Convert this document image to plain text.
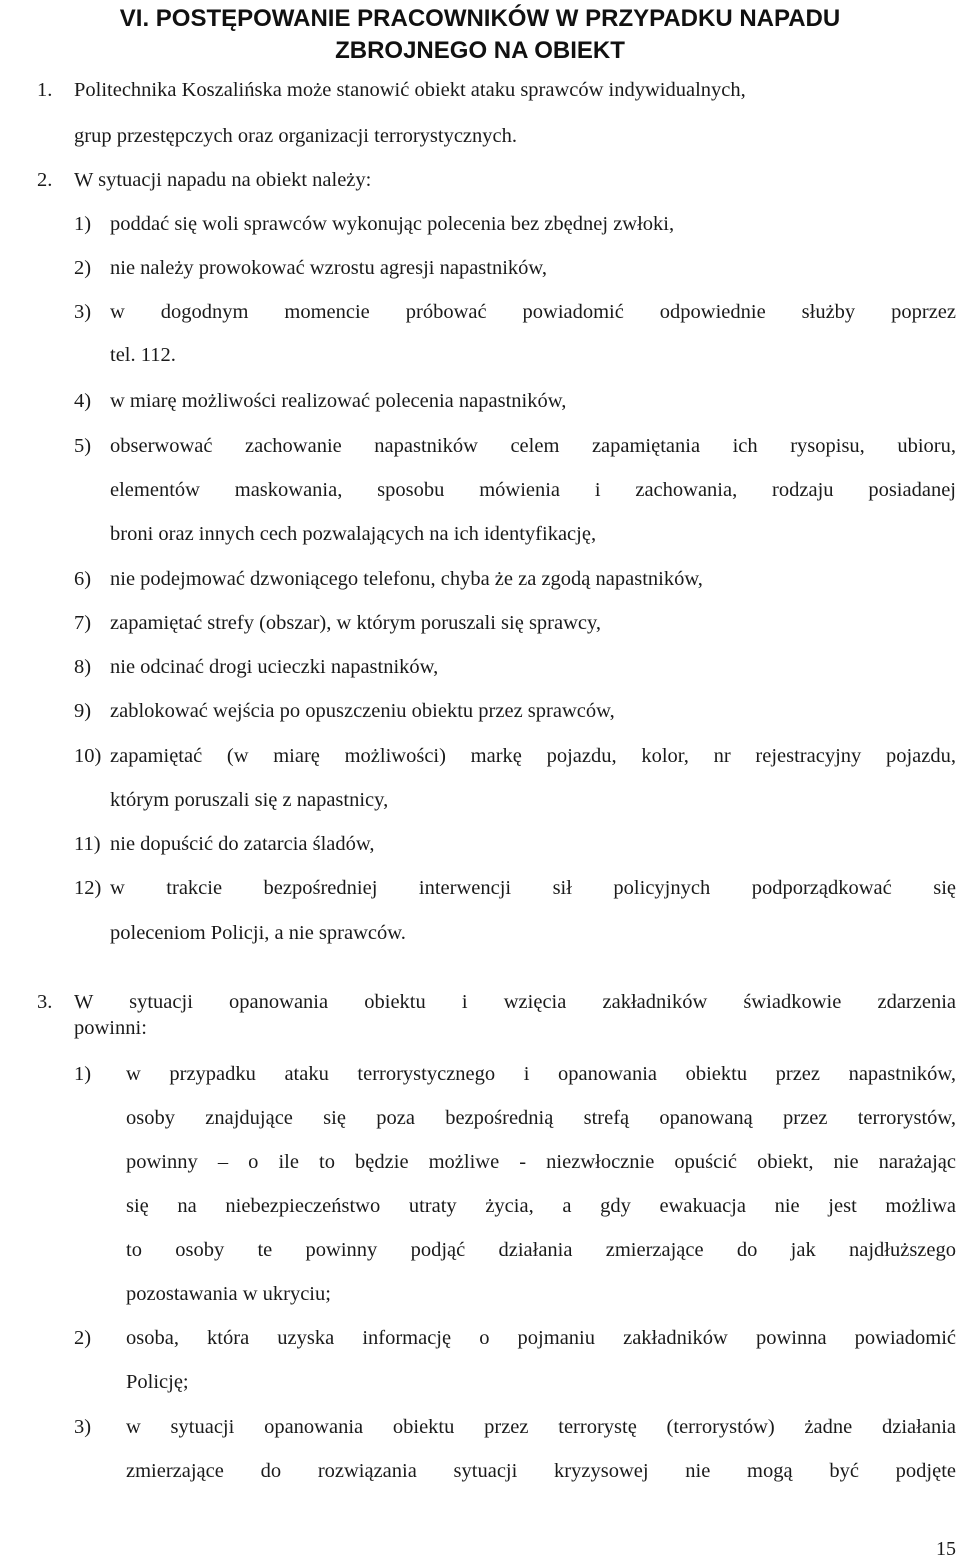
VI. POSTĘPOWANIE PRACOWNIKÓW W PRZYPADKU NAPADU
ZBROJNEGO NA OBIEKT
1. Politechnika Koszalińska może stanowić obiekt ataku sprawców indywidualnych,
grup przestępczych oraz organizacji terrorystycznych.
2. W sytuacji napadu na obiekt należy:
1) poddać się woli sprawców wykonując polecenia bez zbędnej zwłoki,
2) nie należy prowokować wzrostu agresji napastników,
3) w dogodnym momencie próbować powiadomić odpowiednie służby poprzez
tel. 112.
4) w miarę możliwości realizować polecenia napastników,
5) obserwować zachowanie napastników celem zapamiętania ich rysopisu, ubioru,
elementów maskowania, sposobu mówienia i zachowania, rodzaju posiadanej
broni oraz innych cech pozwalających na ich identyfikację,
6) nie podejmować dzwoniącego telefonu, chyba że za zgodą napastników,
7) zapamiętać strefy (obszar), w którym poruszali się sprawcy,
8) nie odcinać drogi ucieczki napastników,
9) zablokować wejścia po opuszczeniu obiektu przez sprawców,
10) zapamiętać (w miarę możliwości) markę pojazdu, kolor, nr rejestracyjny pojazdu,
którym poruszali się z napastnicy,
11) nie dopuścić do zatarcia śladów,
12) w trakcie bezpośredniej interwencji sił policyjnych podporządkować się
poleceniom Policji, a nie sprawców.
3. W sytuacji opanowania obiektu i wzięcia zakładników świadkowie zdarzenia
powinni:
1) w przypadku ataku terrorystycznego i opanowania obiektu przez napastników,
osoby znajdujące się poza bezpośrednią strefą opanowaną przez terrorystów,
powinny – o ile to będzie możliwe - niezwłocznie opuścić obiekt, nie narażając
się na niebezpieczeństwo utraty życia, a gdy ewakuacja nie jest możliwa
to osoby te powinny podjąć działania zmierzające do jak najdłuższego
pozostawania w ukryciu;
2) osoba, która uzyska informację o pojmaniu zakładników powinna powiadomić
Policję;
3) w sytuacji opanowania obiektu przez terrorystę (terrorystów) żadne działania
zmierzające do rozwiązania sytuacji kryzysowej nie mogą być podjęte
15
